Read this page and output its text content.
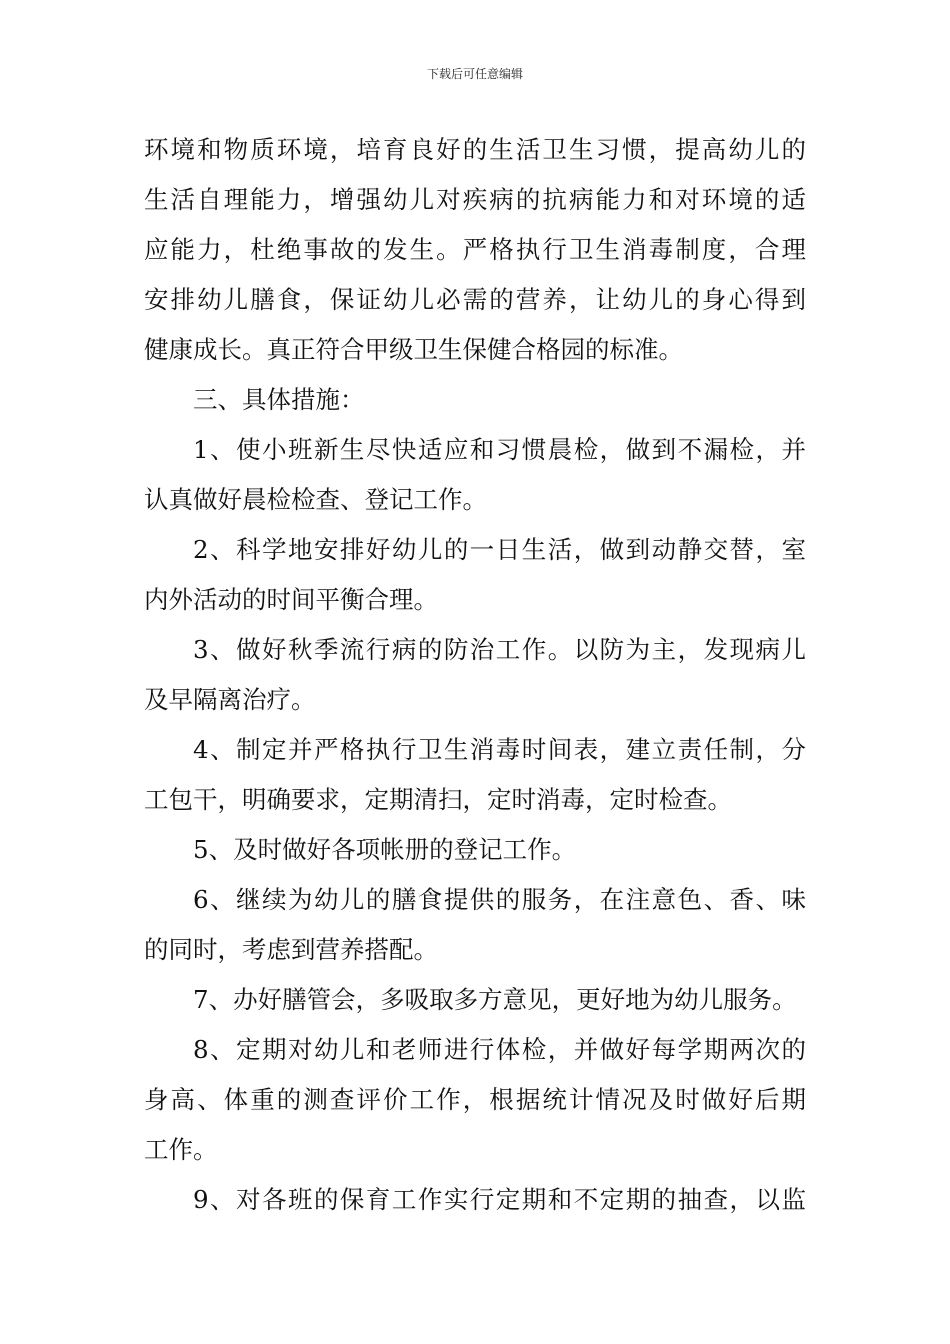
下载后可任意编辑
环境和物质环境，培育良好的生活卫生习惯，提高幼儿的
生活自理能力，增强幼儿对疾病的抗病能力和对环境的适
应能力，杜绝事故的发生。严格执行卫生消毒制度，合理
安排幼儿膳食，保证幼儿必需的营养，让幼儿的身心得到
健康成长。真正符合甲级卫生保健合格园的标准。
三、具体措施：
1、使小班新生尽快适应和习惯晨检，做到不漏检，并
认真做好晨检检查、登记工作。
2、科学地安排好幼儿的一日生活，做到动静交替，室
内外活动的时间平衡合理。
3、做好秋季流行病的防治工作。以防为主，发现病儿
及早隔离治疗。
4、制定并严格执行卫生消毒时间表，建立责任制，分
工包干，明确要求，定期清扫，定时消毒，定时检查。
5、及时做好各项帐册的登记工作。
6、继续为幼儿的膳食提供的服务，在注意色、香、味
的同时，考虑到营养搭配。
7、办好膳管会，多吸取多方意见，更好地为幼儿服务。
8、定期对幼儿和老师进行体检，并做好每学期两次的
身高、体重的测查评价工作，根据统计情况及时做好后期
工作。
9、对各班的保育工作实行定期和不定期的抽查，以监
